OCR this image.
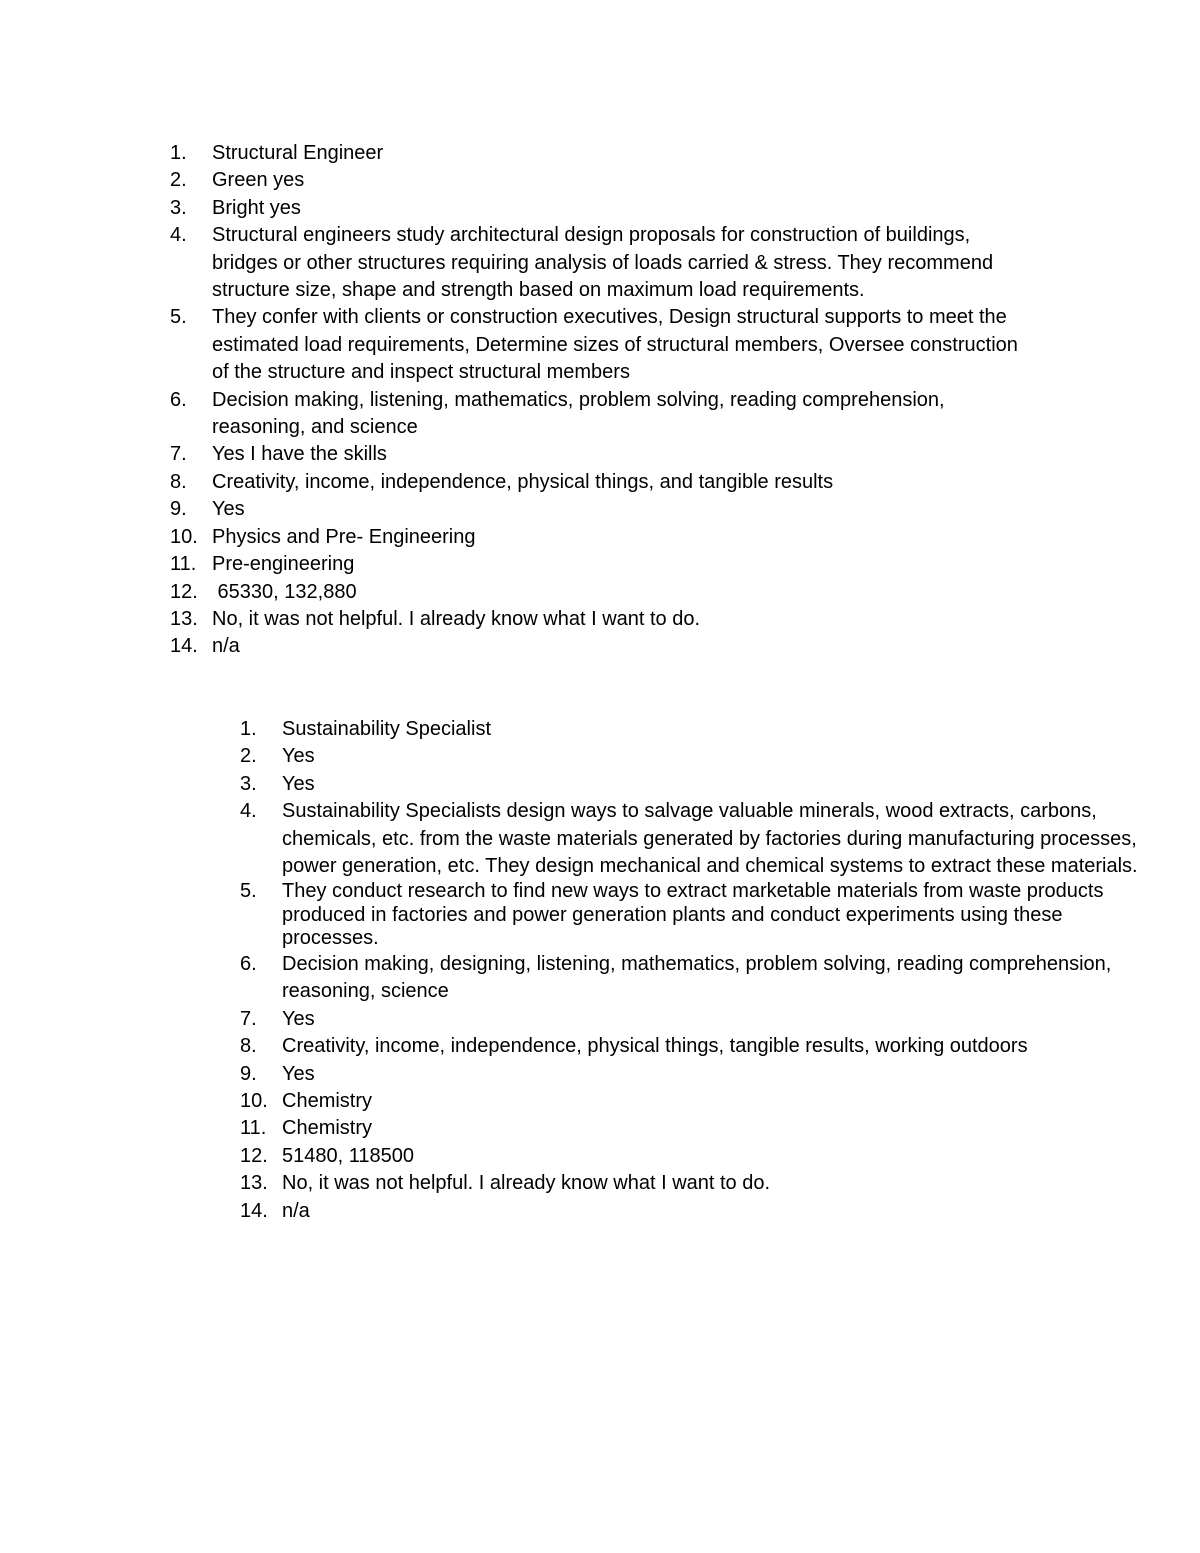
1.	Structural Engineer
2.	Green yes
3.	Bright yes
4.	Structural engineers study architectural design proposals for construction of buildings, bridges or other structures requiring analysis of loads carried & stress. They recommend structure size, shape and strength based on maximum load requirements.
5.	They confer with clients or construction executives, Design structural supports to meet the estimated load requirements, Determine sizes of structural members, Oversee construction of the structure and inspect structural members
6.	Decision making, listening, mathematics, problem solving, reading comprehension, reasoning, and science
7.	Yes I have the skills
8.	Creativity, income, independence, physical things, and tangible results
9.	Yes
10. Physics and Pre- Engineering
11. Pre-engineering
12. 65330, 132,880
13. No, it was not helpful. I already know what I want to do.
14. n/a
1.	Sustainability Specialist
2.	Yes
3.	Yes
4.	Sustainability Specialists design ways to salvage valuable minerals, wood extracts, carbons, chemicals, etc. from the waste materials generated by factories during manufacturing processes, power generation, etc. They design mechanical and chemical systems to extract these materials.
5.	They conduct research to find new ways to extract marketable materials from waste products produced in factories and power generation plants and conduct experiments using these processes.
6.	Decision making, designing, listening, mathematics, problem solving, reading comprehension, reasoning, science
7.	Yes
8.	Creativity, income, independence, physical things, tangible results, working outdoors
9.	Yes
10. Chemistry
11. Chemistry
12. 51480, 118500
13. No, it was not helpful. I already know what I want to do.
14. n/a
